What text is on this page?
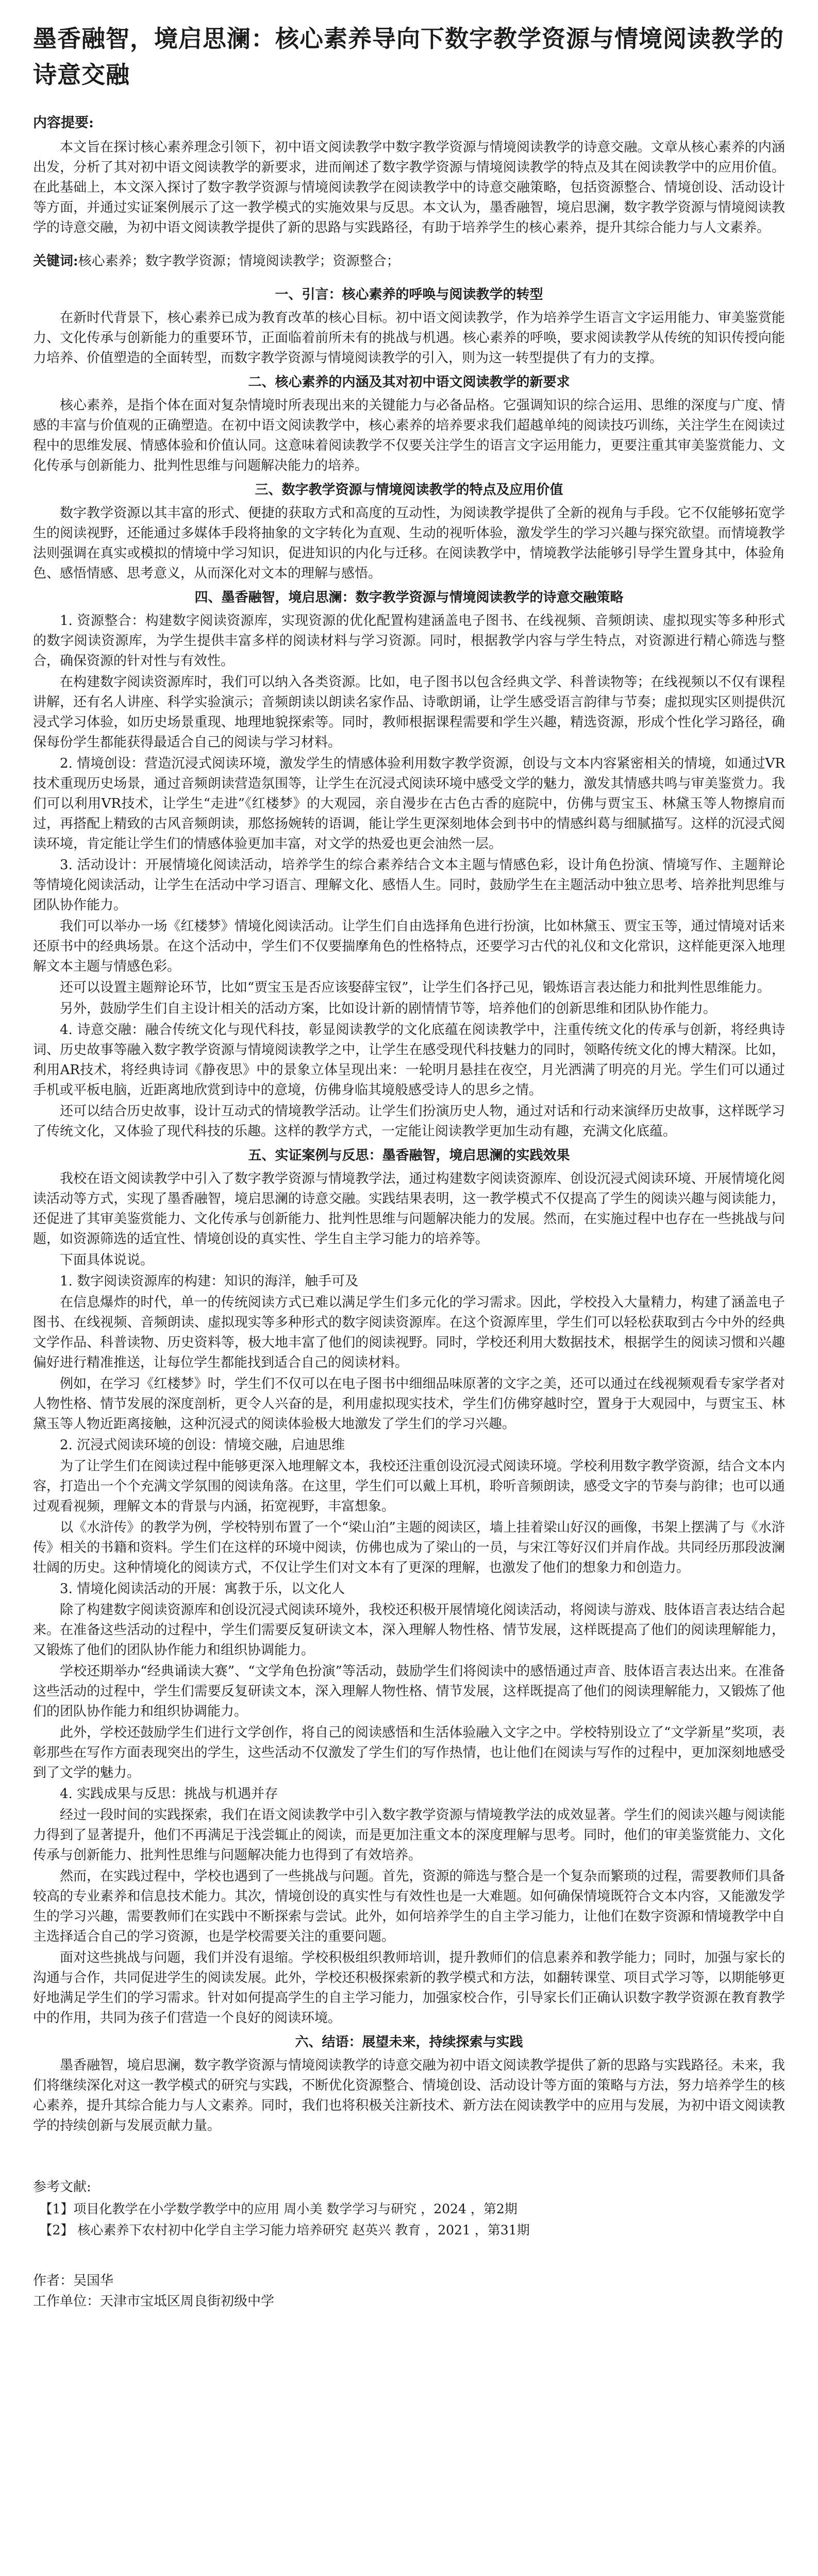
墨香融智，境启思澜：核心素养导向下数字教学资源与情境阅读教学的诗意交融
内容提要:

本文旨在探讨核心素养理念引领下，初中语文阅读教学中数字教学资源与情境阅读教学的诗意交融。文章从核心素养的内涵出发，分析了其对初中语文阅读教学的新要求，进而阐述了数字教学资源与情境阅读教学的特点及其在阅读教学中的应用价值。在此基础上，本文深入探讨了数字教学资源与情境阅读教学在阅读教学中的诗意交融策略，包括资源整合、情境创设、活动设计等方面，并通过实证案例展示了这一教学模式的实施效果与反思。本文认为，墨香融智，境启思澜，数字教学资源与情境阅读教学的诗意交融，为初中语文阅读教学提供了新的思路与实践路径，有助于培养学生的核心素养，提升其综合能力与人文素养。

关键词:核心素养；数字教学资源；情境阅读教学；资源整合；

一、引言：核心素养的呼唤与阅读教学的转型

在新时代背景下，核心素养已成为教育改革的核心目标。初中语文阅读教学，作为培养学生语言文字运用能力、审美鉴赏能力、文化传承与创新能力的重要环节，正面临着前所未有的挑战与机遇。核心素养的呼唤，要求阅读教学从传统的知识传授向能力培养、价值塑造的全面转型，而数字教学资源与情境阅读教学的引入，则为这一转型提供了有力的支撑。

二、核心素养的内涵及其对初中语文阅读教学的新要求

核心素养，是指个体在面对复杂情境时所表现出来的关键能力与必备品格。它强调知识的综合运用、思维的深度与广度、情感的丰富与价值观的正确塑造。在初中语文阅读教学中，核心素养的培养要求我们超越单纯的阅读技巧训练，关注学生在阅读过程中的思维发展、情感体验和价值认同。这意味着阅读教学不仅要关注学生的语言文字运用能力，更要注重其审美鉴赏能力、文化传承与创新能力、批判性思维与问题解决能力的培养。

三、数字教学资源与情境阅读教学的特点及应用价值

数字教学资源以其丰富的形式、便捷的获取方式和高度的互动性，为阅读教学提供了全新的视角与手段。它不仅能够拓宽学生的阅读视野，还能通过多媒体手段将抽象的文字转化为直观、生动的视听体验，激发学生的学习兴趣与探究欲望。而情境教学法则强调在真实或模拟的情境中学习知识，促进知识的内化与迁移。在阅读教学中，情境教学法能够引导学生置身其中，体验角色、感悟情感、思考意义，从而深化对文本的理解与感悟。

四、墨香融智，境启思澜：数字教学资源与情境阅读教学的诗意交融策略

1. 资源整合：构建数字阅读资源库，实现资源的优化配置构建涵盖电子图书、在线视频、音频朗读、虚拟现实等多种形式的数字阅读资源库，为学生提供丰富多样的阅读材料与学习资源。同时，根据教学内容与学生特点，对资源进行精心筛选与整合，确保资源的针对性与有效性。

在构建数字阅读资源库时，我们可以纳入各类资源。比如，电子图书以包含经典文学、科普读物等；在线视频以不仅有课程讲解，还有名人讲座、科学实验演示；音频朗读以朗读名家作品、诗歌朗诵，让学生感受语言韵律与节奏；虚拟现实区则提供沉浸式学习体验，如历史场景重现、地理地貌探索等。同时，教师根据课程需要和学生兴趣，精选资源，形成个性化学习路径，确保每份学生都能获得最适合自己的阅读与学习材料。

2. 情境创设：营造沉浸式阅读环境，激发学生的情感体验利用数字教学资源，创设与文本内容紧密相关的情境，如通过VR技术重现历史场景，通过音频朗读营造氛围等，让学生在沉浸式阅读环境中感受文学的魅力，激发其情感共鸣与审美鉴赏力。我们可以利用VR技术，让学生“走进”《红楼梦》的大观园，亲自漫步在古色古香的庭院中，仿佛与贾宝玉、林黛玉等人物擦肩而过，再搭配上精致的古风音频朗读，那悠扬婉转的语调，能让学生更深刻地体会到书中的情感纠葛与细腻描写。这样的沉浸式阅读环境，肯定能让学生们的情感体验更加丰富，对文学的热爱也更会油然一层。

3. 活动设计：开展情境化阅读活动，培养学生的综合素养结合文本主题与情感色彩，设计角色扮演、情境写作、主题辩论等情境化阅读活动，让学生在活动中学习语言、理解文化、感悟人生。同时，鼓励学生在主题活动中独立思考、培养批判思维与团队协作能力。

我们可以举办一场《红楼梦》情境化阅读活动。让学生们自由选择角色进行扮演，比如林黛玉、贾宝玉等，通过情境对话来还原书中的经典场景。在这个活动中，学生们不仅要揣摩角色的性格特点，还要学习古代的礼仪和文化常识，这样能更深入地理解文本主题与情感色彩。

还可以设置主题辩论环节，比如“贾宝玉是否应该娶薛宝钗”，让学生们各抒己见，锻炼语言表达能力和批判性思维能力。

另外，鼓励学生们自主设计相关的活动方案，比如设计新的剧情情节等，培养他们的创新思维和团队协作能力。

4. 诗意交融：融合传统文化与现代科技，彰显阅读教学的文化底蕴在阅读教学中，注重传统文化的传承与创新，将经典诗词、历史故事等融入数字教学资源与情境阅读教学之中，让学生在感受现代科技魅力的同时，领略传统文化的博大精深。比如，利用AR技术，将经典诗词《静夜思》中的景象立体呈现出来：一轮明月悬挂在夜空，月光洒满了明亮的月光。学生们可以通过手机或平板电脑，近距离地欣赏到诗中的意境，仿佛身临其境般感受诗人的思乡之情。

还可以结合历史故事，设计互动式的情境教学活动。让学生们扮演历史人物，通过对话和行动来演绎历史故事，这样既学习了传统文化，又体验了现代科技的乐趣。这样的教学方式，一定能让阅读教学更加生动有趣，充满文化底蕴。

五、实证案例与反思：墨香融智，境启思澜的实践效果

我校在语文阅读教学中引入了数字教学资源与情境教学法，通过构建数字阅读资源库、创设沉浸式阅读环境、开展情境化阅读活动等方式，实现了墨香融智，境启思澜的诗意交融。实践结果表明，这一教学模式不仅提高了学生的阅读兴趣与阅读能力，还促进了其审美鉴赏能力、文化传承与创新能力、批判性思维与问题解决能力的发展。然而，在实施过程中也存在一些挑战与问题，如资源筛选的适宜性、情境创设的真实性、学生自主学习能力的培养等。

下面具体说说。

1. 数字阅读资源库的构建：知识的海洋，触手可及

在信息爆炸的时代，单一的传统阅读方式已难以满足学生们多元化的学习需求。因此，学校投入大量精力，构建了涵盖电子图书、在线视频、音频朗读、虚拟现实等多种形式的数字阅读资源库。在这个资源库里，学生们可以轻松获取到古今中外的经典文学作品、科普读物、历史资料等，极大地丰富了他们的阅读视野。同时，学校还利用大数据技术，根据学生的阅读习惯和兴趣偏好进行精准推送，让每位学生都能找到适合自己的阅读材料。

例如，在学习《红楼梦》时，学生们不仅可以在电子图书中细细品味原著的文字之美，还可以通过在线视频观看专家学者对人物性格、情节发展的深度剖析，更令人兴奋的是，利用虚拟现实技术，学生们仿佛穿越时空，置身于大观园中，与贾宝玉、林黛玉等人物近距离接触，这种沉浸式的阅读体验极大地激发了学生们的学习兴趣。

2. 沉浸式阅读环境的创设：情境交融，启迪思维

为了让学生们在阅读过程中能够更深入地理解文本，我校还注重创设沉浸式阅读环境。学校利用数字教学资源，结合文本内容，打造出一个个充满文学氛围的阅读角落。在这里，学生们可以戴上耳机，聆听音频朗读，感受文字的节奏与韵律；也可以通过观看视频，理解文本的背景与内涵，拓宽视野，丰富想象。

以《水浒传》的教学为例，学校特别布置了一个“梁山泊”主题的阅读区，墙上挂着梁山好汉的画像，书架上摆满了与《水浒传》相关的书籍和资料。学生们在这样的环境中阅读，仿佛也成为了梁山的一员，与宋江等好汉们并肩作战。共同经历那段波澜壮阔的历史。这种情境化的阅读方式，不仅让学生们对文本有了更深的理解，也激发了他们的想象力和创造力。

3. 情境化阅读活动的开展：寓教于乐，以文化人

除了构建数字阅读资源库和创设沉浸式阅读环境外，我校还积极开展情境化阅读活动，将阅读与游戏、肢体语言表达结合起来。在准备这些活动的过程中，学生们需要反复研读文本，深入理解人物性格、情节发展，这样既提高了他们的阅读理解能力，又锻炼了他们的团队协作能力和组织协调能力。

学校还期举办“经典诵读大赛”、“文学角色扮演”等活动，鼓励学生们将阅读中的感悟通过声音、肢体语言表达出来。在准备这些活动的过程中，学生们需要反复研读文本，深入理解人物性格、情节发展，这样既提高了他们的阅读理解能力，又锻炼了他们的团队协作能力和组织协调能力。

此外，学校还鼓励学生们进行文学创作，将自己的阅读感悟和生活体验融入文字之中。学校特别设立了“文学新星”奖项，表彰那些在写作方面表现突出的学生，这些活动不仅激发了学生们的写作热情，也让他们在阅读与写作的过程中，更加深刻地感受到了文学的魅力。

4. 实践成果与反思：挑战与机遇并存

经过一段时间的实践探索，我们在语文阅读教学中引入数字教学资源与情境教学法的成效显著。学生们的阅读兴趣与阅读能力得到了显著提升，他们不再满足于浅尝辄止的阅读，而是更加注重文本的深度理解与思考。同时，他们的审美鉴赏能力、文化传承与创新能力、批判性思维与问题解决能力也得到了有效培养。

然而，在实践过程中，学校也遇到了一些挑战与问题。首先，资源的筛选与整合是一个复杂而繁琐的过程，需要教师们具备较高的专业素养和信息技术能力。其次，情境创设的真实性与有效性也是一大难题。如何确保情境既符合文本内容，又能激发学生的学习兴趣，需要教师们在实践中不断探索与尝试。此外，如何培养学生的自主学习能力，让他们在数字资源和情境教学中自主选择适合自己的学习资源，也是学校需要关注的重要问题。

面对这些挑战与问题，我们并没有退缩。学校积极组织教师培训，提升教师们的信息素养和教学能力；同时，加强与家长的沟通与合作，共同促进学生的阅读发展。此外，学校还积极探索新的教学模式和方法，如翻转课堂、项目式学习等，以期能够更好地满足学生们的学习需求。针对如何提高学生的自主学习能力，加强家校合作，引导家长们正确认识数字教学资源在教育教学中的作用，共同为孩子们营造一个良好的阅读环境。

六、结语：展望未来，持续探索与实践

墨香融智，境启思澜，数字教学资源与情境阅读教学的诗意交融为初中语文阅读教学提供了新的思路与实践路径。未来，我们将继续深化对这一教学模式的研究与实践，不断优化资源整合、情境创设、活动设计等方面的策略与方法，努力培养学生的核心素养，提升其综合能力与人文素养。同时，我们也将积极关注新技术、新方法在阅读教学中的应用与发展，为初中语文阅读教学的持续创新与发展贡献力量。

参考文献:

【1】项目化教学在小学数学教学中的应用 周小美 数学学习与研究 ，2024 ，第2期

【2】 核心素养下农村初中化学自主学习能力培养研究 赵英兴 教育 ，2021 ，第31期

作者：吴国华

工作单位：天津市宝坻区周良街初级中学
